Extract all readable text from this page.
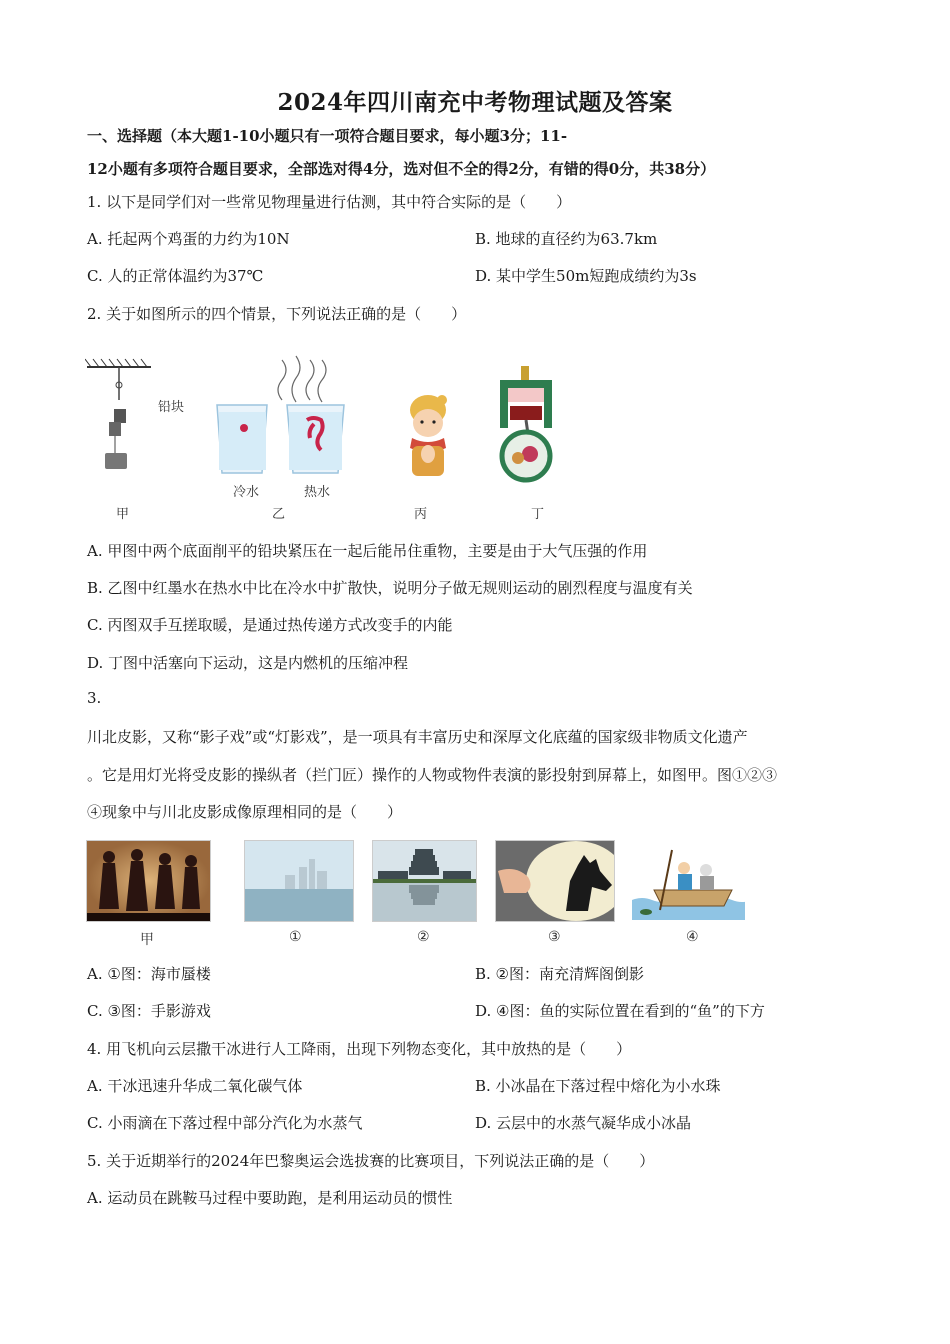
2024年四川南充中考物理试题及答案
一、选择题（本大题1-10小题只有一项符合题目要求，每小题3分；11-
12小题有多项符合题目要求，全部选对得4分，选对但不全的得2分，有错的得0分，共38分）
1. 以下是同学们对一些常见物理量进行估测，其中符合实际的是（　　）
A. 托起两个鸡蛋的力约为10N	B. 地球的直径约为63.7km
C. 人的正常体温约为37℃	D. 某中学生50m短跑成绩约为3s
2. 关于如图所示的四个情景，下列说法正确的是（　　）
铅块
冷水	热水
甲	乙	丙	丁
A. 甲图中两个底面削平的铅块紧压在一起后能吊住重物，主要是由于大气压强的作用
B. 乙图中红墨水在热水中比在冷水中扩散快，说明分子做无规则运动的剧烈程度与温度有关
C. 丙图双手互搓取暖，是通过热传递方式改变手的内能
D. 丁图中活塞向下运动，这是内燃机的压缩冲程
3.
川北皮影，又称“影子戏”或“灯影戏”，是一项具有丰富历史和深厚文化底蕴的国家级非物质文化遗产
。它是用灯光将受皮影的操纵者（拦门匠）操作的人物或物件表演的影投射到屏幕上，如图甲。图①②③
④现象中与川北皮影成像原理相同的是（　　）
甲	①	②	③	④
A. ①图：海市蜃楼	B. ②图：南充清辉阁倒影
C. ③图：手影游戏	D. ④图：鱼的实际位置在看到的“鱼”的下方
4. 用飞机向云层撒干冰进行人工降雨，出现下列物态变化，其中放热的是（　　）
A. 干冰迅速升华成二氧化碳气体	B. 小冰晶在下落过程中熔化为小水珠
C. 小雨滴在下落过程中部分汽化为水蒸气	D. 云层中的水蒸气凝华成小冰晶
5. 关于近期举行的2024年巴黎奥运会选拔赛的比赛项目，下列说法正确的是（　　）
A. 运动员在跳鞍马过程中要助跑，是利用运动员的惯性
